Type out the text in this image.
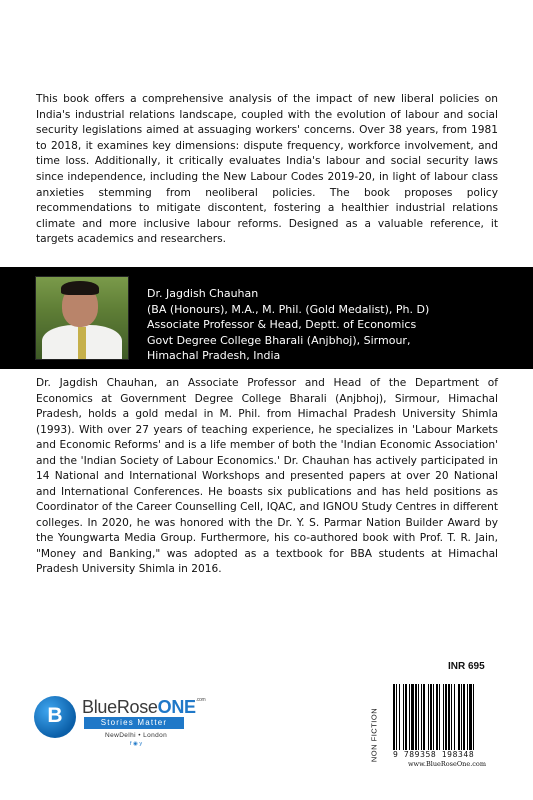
This book offers a comprehensive analysis of the impact of new liberal policies on India's industrial relations landscape, coupled with the evolution of labour and social security legislations aimed at assuaging workers' concerns. Over 38 years, from 1981 to 2018, it examines key dimensions: dispute frequency, workforce involvement, and time loss. Additionally, it critically evaluates India's labour and social security laws since independence, including the New Labour Codes 2019-20, in light of labour class anxieties stemming from neoliberal policies. The book proposes policy recommendations to mitigate discontent, fostering a healthier industrial relations climate and more inclusive labour reforms. Designed as a valuable reference, it targets academics and researchers.

Dr. Jagdish Chauhan
(BA (Honours), M.A., M. Phil. (Gold Medalist), Ph. D)
Associate Professor & Head, Deptt. of Economics
Govt Degree College Bharali (Anjbhoj), Sirmour,
Himachal Pradesh, India

Dr. Jagdish Chauhan, an Associate Professor and Head of the Department of Economics at Government Degree College Bharali (Anjbhoj), Sirmour, Himachal Pradesh, holds a gold medal in M. Phil. from Himachal Pradesh University Shimla (1993). With over 27 years of teaching experience, he specializes in 'Labour Markets and Economic Reforms' and is a life member of both the 'Indian Economic Association' and the 'Indian Society of Labour Economics.' Dr. Chauhan has actively participated in 14 National and International Workshops and presented papers at over 20 National and International Conferences. He boasts six publications and has held positions as Coordinator of the Career Counselling Cell, IQAC, and IGNOU Study Centres in different colleges. In 2020, he was honored with the Dr. Y. S. Parmar Nation Builder Award by the Youngwarta Media Group. Furthermore, his co-authored book with Prof. T. R. Jain, "Money and Banking," was adopted as a textbook for BBA students at Himachal Pradesh University Shimla in 2016.

B	BlueRoseONE$^{.com}$
Stories Matter
NewDelhi • London
f ◉ y
INR 695
NON FICTION 9 789358 198348
www.BlueRoseOne.com
